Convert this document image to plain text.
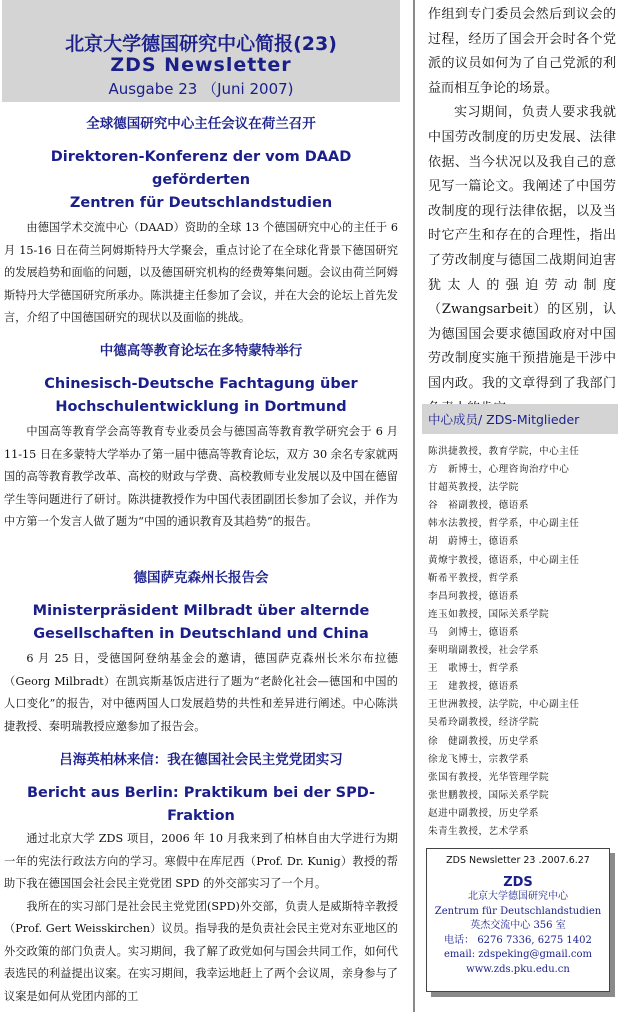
北京大学德国研究中心简报(23)
ZDS Newsletter
Ausgabe 23 （Juni 2007)

全球德国研究中心主任会议在荷兰召开

Direktoren-Konferenz der vom DAAD geförderten

Zentren für Deutschlandstudien

由德国学术交流中心（DAAD）资助的全球 13 个德国研究中心的主任于 6 月 15-16 日在荷兰阿姆斯特丹大学聚会，重点讨论了在全球化背景下德国研究的发展趋势和面临的问题，以及德国研究机构的经费筹集问题。会议由荷兰阿姆斯特丹大学德国研究所承办。陈洪捷主任参加了会议，并在大会的论坛上首先发言，介绍了中国德国研究的现状以及面临的挑战。

中德高等教育论坛在多特蒙特举行

Chinesisch-Deutsche Fachtagung über

Hochschulentwicklung in Dortmund

中国高等教育学会高等教育专业委员会与德国高等教育教学研究会于 6 月 11-15 日在多蒙特大学举办了第一届中德高等教育论坛，双方 30 余名专家就两国的高等教育教学改革、高校的财政与学费、高校教师专业发展以及中国在德留学生等问题进行了研讨。陈洪捷教授作为中国代表团副团长参加了会议，并作为中方第一个发言人做了题为“中国的通识教育及其趋势”的报告。

德国萨克森州长报告会

Ministerpräsident Milbradt über alternde

Gesellschaften in Deutschland und China

6 月 25 日，受德国阿登纳基金会的邀请，德国萨克森州长米尔布拉德（Georg Milbradt）在凯宾斯基饭店进行了题为“老龄化社会—德国和中国的人口变化”的报告，对中德两国人口发展趋势的共性和差异进行阐述。中心陈洪捷教授、秦明瑞教授应邀参加了报告会。

吕海英柏林来信：我在德国社会民主党党团实习

Bericht aus Berlin: Praktikum bei der SPD-Fraktion

通过北京大学 ZDS 项目，2006 年 10 月我来到了柏林自由大学进行为期一年的宪法行政法方向的学习。寒假中在库尼西（Prof. Dr. Kunig）教授的帮助下我在德国国会社会民主党党团 SPD 的外交部实习了一个月。

我所在的实习部门是社会民主党党团(SPD)外交部，负责人是威斯特辛教授（Prof. Gert Weisskirchen）议员。指导我的是负责社会民主党对东亚地区的外交政策的部门负责人。实习期间，我了解了政党如何与国会共同工作，如何代表选民的利益提出议案。在实习期间，我幸运地赶上了两个会议周，亲身参与了议案是如何从党团内部的工

作组到专门委员会然后到议会的过程，经历了国会开会时各个党派的议员如何为了自己党派的利益而相互争论的场景。

实习期间，负责人要求我就中国劳改制度的历史发展、法律依据、当今状况以及我自己的意见写一篇论文。我阐述了中国劳改制度的现行法律依据，以及当时它产生和存在的合理性，指出了劳改制度与德国二战期间迫害犹太人的强迫劳动制度（Zwangsarbeit）的区别，认为德国国会要求德国政府对中国劳改制度实施干预措施是干涉中国内政。我的文章得到了我部门

中心成员/ ZDS-Mitglieder

陈洪捷教授，教育学院，中心主任

方　新博士，心理咨询治疗中心

甘超英教授，法学院

谷　裕副教授，德语系

韩水法教授，哲学系，中心副主任

胡　蔚博士，德语系

黄燎宇教授，德语系，中心副主任

靳希平教授，哲学系

李昌珂教授，德语系

连玉如教授，国际关系学院

马　剑博士，德语系

秦明瑞副教授，社会学系

王　歌博士，哲学系

王　建教授，德语系

王世洲教授，法学院，中心副主任

吴希玲副教授，经济学院

徐　健副教授，历史学系

徐龙飞博士，宗教学系

张国有教授，光华管理学院

张世鹏教授，国际关系学院

赵进中副教授，历史学系

朱青生教授，艺术学系

ZDS Newsletter 23 .2007.6.27
ZDS
北京大学德国研究中心
Zentrum für Deutschlandstudien
英杰交流中心 356 室
电话： 6276 7336, 6275 1402
email: zdspeking@gmail.com
www.zds.pku.edu.cn
